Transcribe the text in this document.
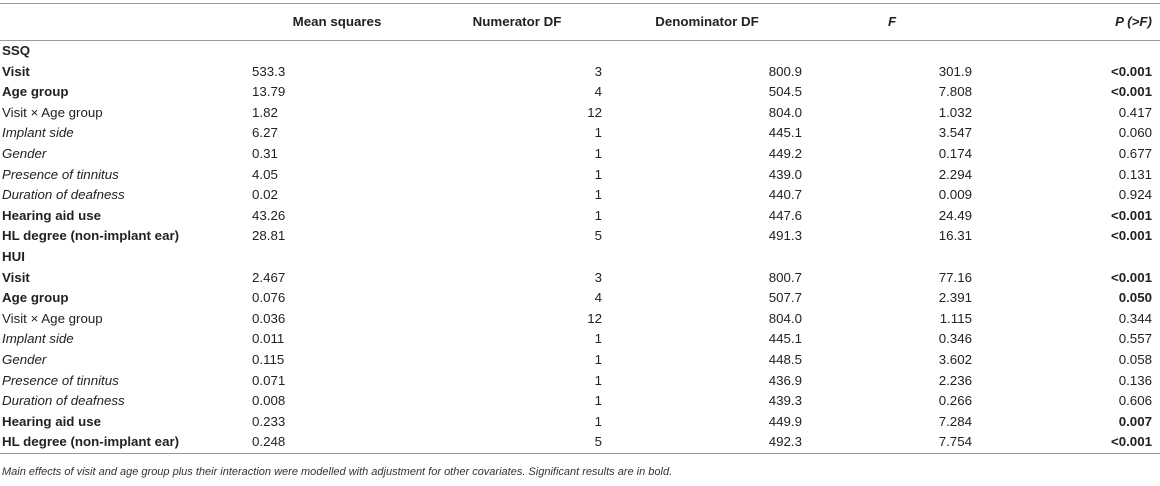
	Mean squares	Numerator DF	Denominator DF	F	P (>F)
SSQ					
Visit	533.3	3	800.9	301.9	<0.001
Age group	13.79	4	504.5	7.808	<0.001
Visit × Age group	1.82	12	804.0	1.032	0.417
Implant side	6.27	1	445.1	3.547	0.060
Gender	0.31	1	449.2	0.174	0.677
Presence of tinnitus	4.05	1	439.0	2.294	0.131
Duration of deafness	0.02	1	440.7	0.009	0.924
Hearing aid use	43.26	1	447.6	24.49	<0.001
HL degree (non-implant ear)	28.81	5	491.3	16.31	<0.001
HUI					
Visit	2.467	3	800.7	77.16	<0.001
Age group	0.076	4	507.7	2.391	0.050
Visit × Age group	0.036	12	804.0	1.115	0.344
Implant side	0.011	1	445.1	0.346	0.557
Gender	0.115	1	448.5	3.602	0.058
Presence of tinnitus	0.071	1	436.9	2.236	0.136
Duration of deafness	0.008	1	439.3	0.266	0.606
Hearing aid use	0.233	1	449.9	7.284	0.007
HL degree (non-implant ear)	0.248	5	492.3	7.754	<0.001
Main effects of visit and age group plus their interaction were modelled with adjustment for other covariates. Significant results are in bold.
